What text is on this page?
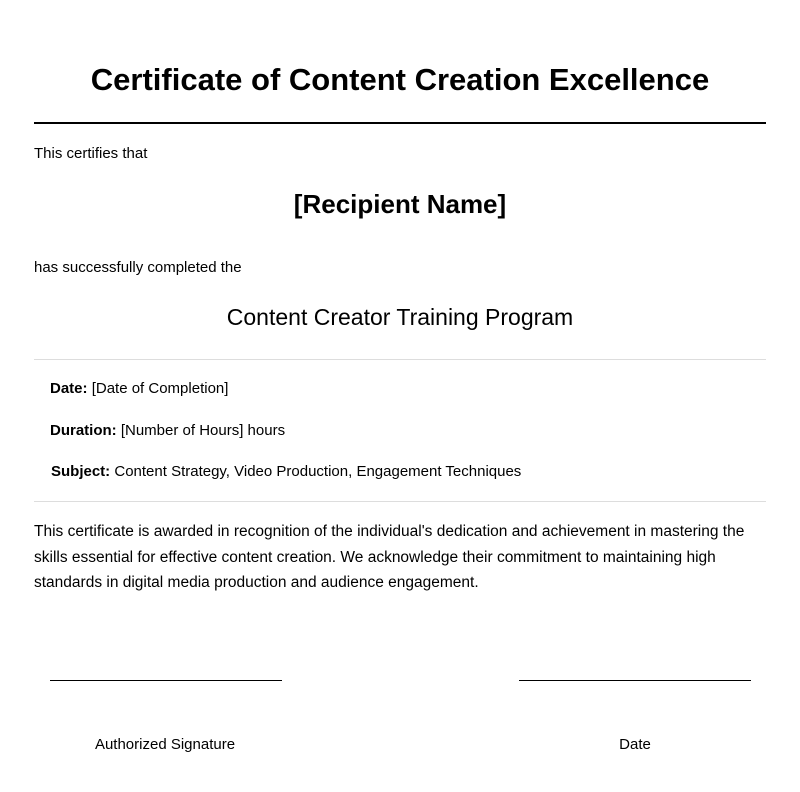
Certificate of Content Creation Excellence
This certifies that
[Recipient Name]
has successfully completed the
Content Creator Training Program
Date: [Date of Completion]
Duration: [Number of Hours] hours
Subject: Content Strategy, Video Production, Engagement Techniques

This certificate is awarded in recognition of the individual's dedication and achievement in mastering the skills essential for effective content creation. We acknowledge their commitment to maintaining high standards in digital media production and audience engagement.

Authorized Signature	Date
